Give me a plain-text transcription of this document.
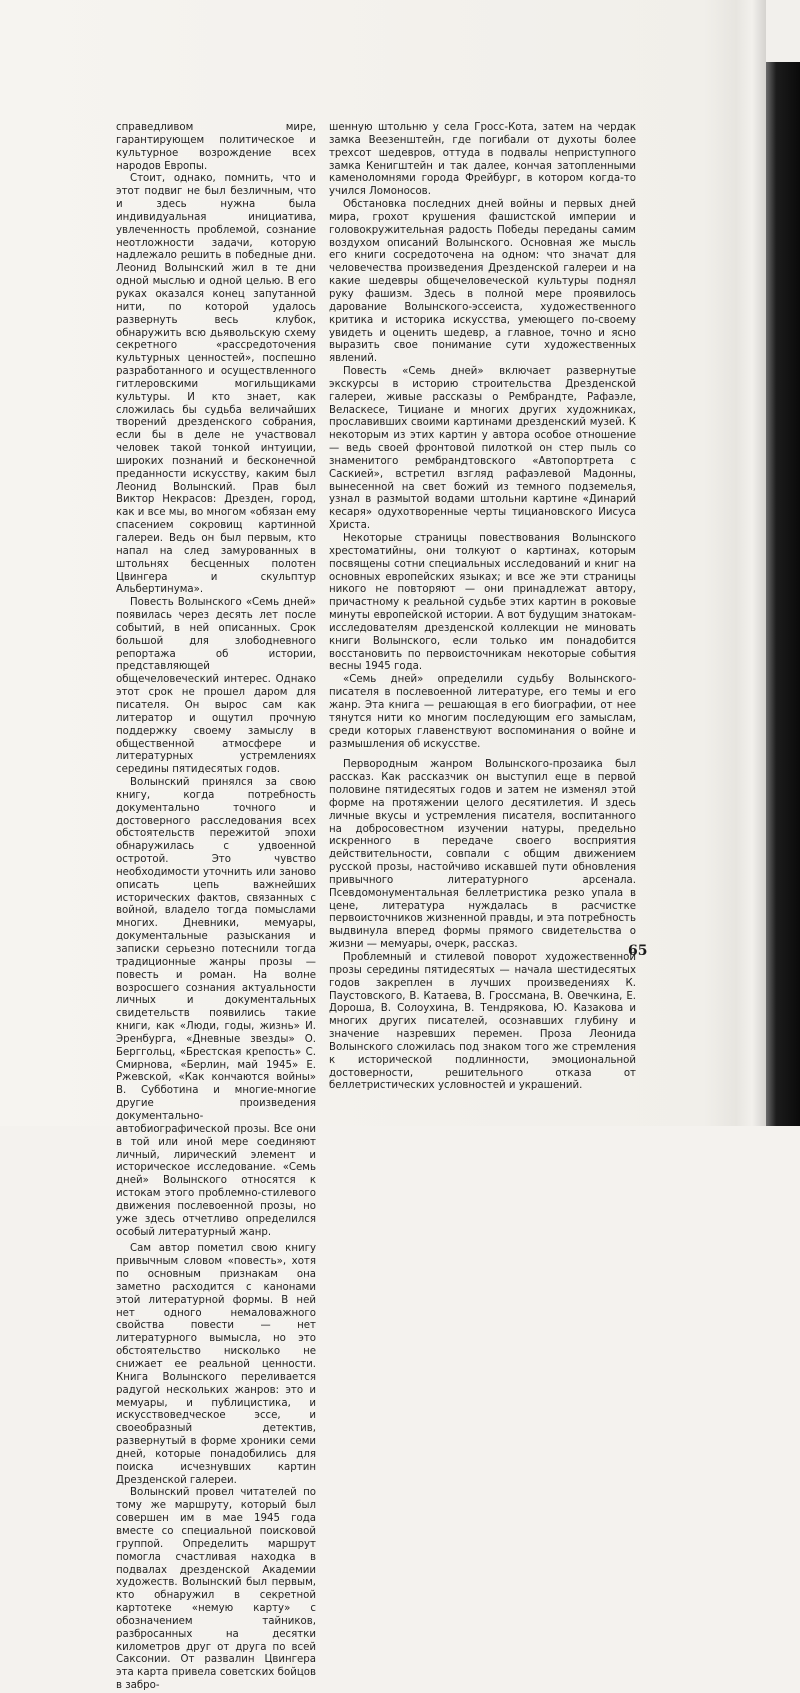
справедливом мире, гарантирующем политическое и культурное возрождение всех народов Европы.

Стоит, однако, помнить, что и этот подвиг не был безличным, что и здесь нужна была индивидуальная инициатива, увлеченность проблемой, сознание неотложности задачи, которую надлежало решить в победные дни. Леонид Волынский жил в те дни одной мыслью и одной целью. В его руках оказался конец запутанной нити, по которой удалось развернуть весь клубок, обнаружить всю дьявольскую схему секретного «рассредоточения культурных ценностей», поспешно разработанного и осуществленного гитлеровскими могильщиками культуры. И кто знает, как сложилась бы судьба величайших творений дрезденского собрания, если бы в деле не участвовал человек такой тонкой интуиции, широких познаний и бесконечной преданности искусству, каким был Леонид Волынский. Прав был Виктор Некрасов: Дрезден, город, как и все мы, во многом «обязан ему спасением сокровищ картинной галереи. Ведь он был первым, кто напал на след замурованных в штольнях бесценных полотен Цвингера и скульптур Альбертинума».

Повесть Волынского «Семь дней» появилась через десять лет после событий, в ней описанных. Срок большой для злободневного репортажа об истории, представляющей общечеловеческий интерес. Однако этот срок не прошел даром для писателя. Он вырос сам как литератор и ощутил прочную поддержку своему замыслу в общественной атмосфере и литературных устремлениях середины пятидесятых годов.

Волынский принялся за свою книгу, когда потребность документально точного и достоверного расследования всех обстоятельств пережитой эпохи обнаружилась с удвоенной остротой. Это чувство необходимости уточнить или заново описать цепь важнейших исторических фактов, связанных с войной, владело тогда помыслами многих. Дневники, мемуары, документальные разыскания и записки серьезно потеснили тогда традиционные жанры прозы — повесть и роман. На волне возросшего сознания актуальности личных и документальных свидетельств появились такие книги, как «Люди, годы, жизнь» И. Эренбурга, «Дневные звезды» О. Берггольц, «Брестская крепость» С. Смирнова, «Берлин, май 1945» Е. Ржевской, «Как кончаются войны» В. Субботина и многие-многие другие произведения документально-автобиографической прозы. Все они в той или иной мере соединяют личный, лирический элемент и историческое исследование. «Семь дней» Волынского относятся к истокам этого проблемно-стилевого движения послевоенной прозы, но уже здесь отчетливо определился особый литературный жанр.

Сам автор пометил свою книгу привычным словом «повесть», хотя по основным признакам она заметно расходится с канонами этой литературной формы. В ней нет одного немаловажного свойства повести — нет литературного вымысла, но это обстоятельство нисколько не снижает ее реальной ценности. Книга Волынского переливается радугой нескольких жанров: это и мемуары, и публицистика, и искусствоведческое эссе, и своеобразный детектив, развернутый в форме хроники семи дней, которые понадобились для поиска исчезнувших картин Дрезденской галереи.

Волынский провел читателей по тому же маршруту, который был совершен им в мае 1945 года вместе со специальной поисковой группой. Определить маршрут помогла счастливая находка в подвалах дрезденской Академии художеств. Волынский был первым, кто обнаружил в секретной картотеке «немую карту» с обозначением тайников, разбросанных на десятки километров друг от друга по всей Саксонии. От развалин Цвингера эта карта привела советских бойцов в забро-

шенную штольню у села Гросс-Кота, затем на чердак замка Веезенштейн, где погибали от духоты более трехсот шедевров, оттуда в подвалы неприступного замка Кенигштейн и так далее, кончая затопленными каменоломнями города Фрейбург, в котором когда-то учился Ломоносов.

Обстановка последних дней войны и первых дней мира, грохот крушения фашистской империи и головокружительная радость Победы переданы самим воздухом описаний Волынского. Основная же мысль его книги сосредоточена на одном: что значат для человечества произведения Дрезденской галереи и на какие шедевры общечеловеческой культуры поднял руку фашизм. Здесь в полной мере проявилось дарование Волынского-эссеиста, художественного критика и историка искусства, умеющего по-своему увидеть и оценить шедевр, а главное, точно и ясно выразить свое понимание сути художественных явлений.

Повесть «Семь дней» включает развернутые экскурсы в историю строительства Дрезденской галереи, живые рассказы о Рембрандте, Рафаэле, Веласкесе, Тициане и многих других художниках, прославивших своими картинами дрезденский музей. К некоторым из этих картин у автора особое отношение — ведь своей фронтовой пилоткой он стер пыль со знаменитого рембрандтовского «Автопортрета с Саскией», встретил взгляд рафаэлевой Мадонны, вынесенной на свет божий из темного подземелья, узнал в размытой водами штольни картине «Динарий кесаря» одухотворенные черты тициановского Иисуса Христа.

Некоторые страницы повествования Волынского хрестоматийны, они толкуют о картинах, которым посвящены сотни специальных исследований и книг на основных европейских языках; и все же эти страницы никого не повторяют — они принадлежат автору, причастному к реальной судьбе этих картин в роковые минуты европейской истории. А вот будущим знатокам-исследователям дрезденской коллекции не миновать книги Волынского, если только им понадобится восстановить по первоисточникам некоторые события весны 1945 года.

«Семь дней» определили судьбу Волынского-писателя в послевоенной литературе, его темы и его жанр. Эта книга — решающая в его биографии, от нее тянутся нити ко многим последующим его замыслам, среди которых главенствуют воспоминания о войне и размышления об искусстве.

Первородным жанром Волынского-прозаика был рассказ. Как рассказчик он выступил еще в первой половине пятидесятых годов и затем не изменял этой форме на протяжении целого десятилетия. И здесь личные вкусы и устремления писателя, воспитанного на добросовестном изучении натуры, предельно искренного в передаче своего восприятия действительности, совпали с общим движением русской прозы, настойчиво искавшей пути обновления привычного литературного арсенала. Псевдомонументальная беллетристика резко упала в цене, литература нуждалась в расчистке первоисточников жизненной правды, и эта потребность выдвинула вперед формы прямого свидетельства о жизни — мемуары, очерк, рассказ.

Проблемный и стилевой поворот художественной прозы середины пятидесятых — начала шестидесятых годов закреплен в лучших произведениях К. Паустовского, В. Катаева, В. Гроссмана, В. Овечкина, Е. Дороша, В. Солоухина, В. Тендрякова, Ю. Казакова и многих других писателей, осознавших глубину и значение назревших перемен. Проза Леонида Волынского сложилась под знаком того же стремления к исторической подлинности, эмоциональной достоверности, решительного отказа от беллетристических условностей и украшений.

65
